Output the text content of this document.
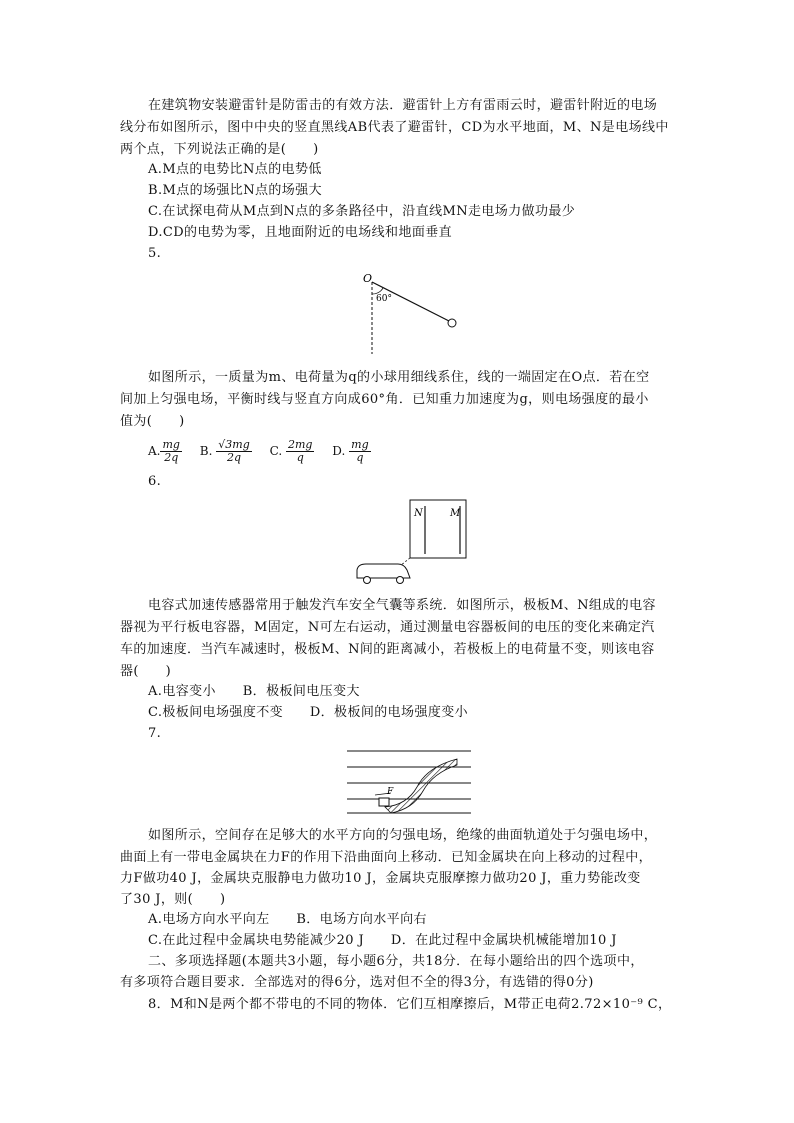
在建筑物安装避雷针是防雷击的有效方法．避雷针上方有雷雨云时，避雷针附近的电场
线分布如图所示，图中中央的竖直黑线AB代表了避雷针，CD为水平地面，M、N是电场线中
两个点，下列说法正确的是(　　)
A.M点的电势比N点的电势低
B.M点的场强比N点的场强大
C.在试探电荷从M点到N点的多条路径中，沿直线MN走电场力做功最少
D.CD的电势为零，且地面附近的电场线和地面垂直
5.
O
60°
如图所示，一质量为m、电荷量为q的小球用细线系住，线的一端固定在O点．若在空
间加上匀强电场，平衡时线与竖直方向成60°角．已知重力加速度为g，则电场强度的最小
值为(　　)
A. $\frac{mg}{2q} B$. $\frac{√3mg}{2q} C$. $\frac{2mg}{q} D$. $\frac{mg}{q}$
6.
N	M
电容式加速传感器常用于触发汽车安全气囊等系统．如图所示，极板M、N组成的电容
器视为平行板电容器，M固定，N可左右运动，通过测量电容器板间的电压的变化来确定汽
车的加速度．当汽车减速时，极板M、N间的距离减小，若极板上的电荷量不变，则该电容
器(　　)
A.电容变小　　B．极板间电压变大
C.极板间电场强度不变　　D．极板间的电场强度变小
7.
F
如图所示，空间存在足够大的水平方向的匀强电场，绝缘的曲面轨道处于匀强电场中，
曲面上有一带电金属块在力F的作用下沿曲面向上移动．已知金属块在向上移动的过程中，
力F做功40 J，金属块克服静电力做功10 J，金属块克服摩擦力做功20 J，重力势能改变
了30 J，则(　　)
A.电场方向水平向左　　B．电场方向水平向右
C.在此过程中金属块电势能减少20 J　　D．在此过程中金属块机械能增加10 J
二、多项选择题(本题共3小题，每小题6分，共18分．在每小题给出的四个选项中，
有多项符合题目要求．全部选对的得6分，选对但不全的得3分，有选错的得0分)
8．M和N是两个都不带电的不同的物体．它们互相摩擦后，M带正电荷2.72×10⁻⁹ C，
